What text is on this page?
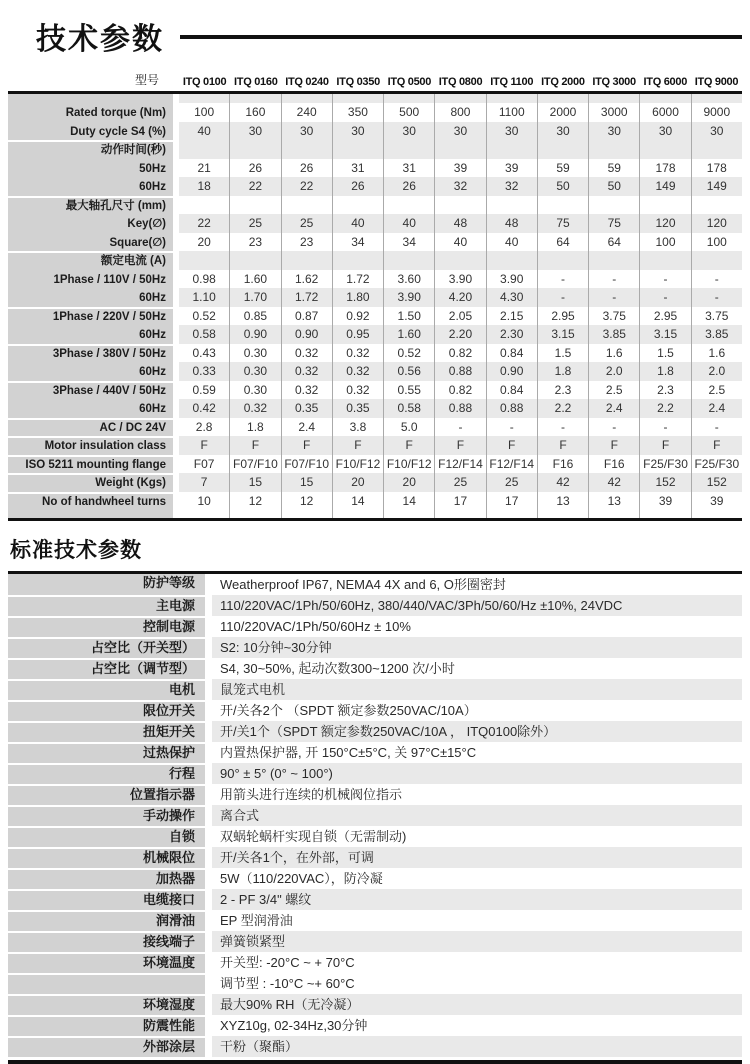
技术参数
型号	ITQ 0100 ITQ 0160 ITQ 0240 ITQ 0350 ITQ 0500 ITQ 0800 ITQ 1100 ITQ 2000 ITQ 3000 ITQ 6000 ITQ 9000
Rated torque (Nm)	100	160	240	350	500	800	1100	2000	3000	6000	9000
Duty cycle S4 (%)	40	30	30	30	30	30	30	30	30	30	30
动作时间(秒)
50Hz	21	26	26	31	31	39	39	59	59	178	178
60Hz	18	22	22	26	26	32	32	50	50	149	149
最大轴孔尺寸 (mm)
Key(∅)	22	25	25	40	40	48	48	75	75	120	120
Square(∅)	20	23	23	34	34	40	40	64	64	100	100
额定电流 (A)
1Phase / 110V / 50Hz	0.98	1.60	1.62	1.72	3.60	3.90	3.90	-	-	-	-
60Hz	1.10	1.70	1.72	1.80	3.90	4.20	4.30	-	-	-	-
1Phase / 220V / 50Hz	0.52	0.85	0.87	0.92	1.50	2.05	2.15	2.95	3.75	2.95	3.75
60Hz	0.58	0.90	0.90	0.95	1.60	2.20	2.30	3.15	3.85	3.15	3.85
3Phase / 380V / 50Hz	0.43	0.30	0.32	0.32	0.52	0.82	0.84	1.5	1.6	1.5	1.6
60Hz	0.33	0.30	0.32	0.32	0.56	0.88	0.90	1.8	2.0	1.8	2.0
3Phase / 440V / 50Hz	0.59	0.30	0.32	0.32	0.55	0.82	0.84	2.3	2.5	2.3	2.5
60Hz	0.42	0.32	0.35	0.35	0.58	0.88	0.88	2.2	2.4	2.2	2.4
AC / DC 24V	2.8	1.8	2.4	3.8	5.0	-	-	-	-	-	-
Motor insulation class	F	F	F	F	F	F	F	F	F	F	F
ISO 5211 mounting flange	F07	F07/F10 F07/F10 F10/F12 F10/F12 F12/F14 F12/F14	F16	F16	F25/F30 F25/F30
Weight (Kgs)	7	15	15	20	20	25	25	42	42	152	152
No of handwheel turns	10	12	12	14	14	17	17	13	13	39	39
标准技术参数
防护等级	Weatherproof IP67, NEMA4 4X and 6, O形圈密封
主电源	110/220VAC/1Ph/50/60Hz, 380/440/VAC/3Ph/50/60/Hz ±10%, 24VDC
控制电源	110/220VAC/1Ph/50/60Hz ± 10%
占空比（开关型）	S2: 10分钟~30分钟
占空比（调节型）	S4, 30~50%, 起动次数300~1200 次/小时
电机	鼠笼式电机
限位开关	开/关各2个 （SPDT 额定参数250VAC/10A）
扭矩开关	开/关1个（SPDT 额定参数250VAC/10A ， ITQ0100除外）
过热保护	内置热保护器, 开 150°C±5°C, 关 97°C±15°C
行程	90° ± 5° (0° ~ 100°)
位置指示器	用箭头进行连续的机械阀位指示
手动操作	离合式
自锁	双蜗轮蜗杆实现自锁（无需制动)
机械限位	开/关各1个，在外部，可调
加热器	5W（110/220VAC），防冷凝
电缆接口	2 - PF 3/4" 螺纹
润滑油	EP 型润滑油
接线端子	弹簧锁紧型
环境温度	开关型: -20°C ~ + 70°C
调节型 : -10°C ~+ 60°C
环境湿度	最大90% RH（无冷凝）
防震性能	XYZ10g, 02-34Hz,30分钟
外部涂层	干粉（聚酯）
